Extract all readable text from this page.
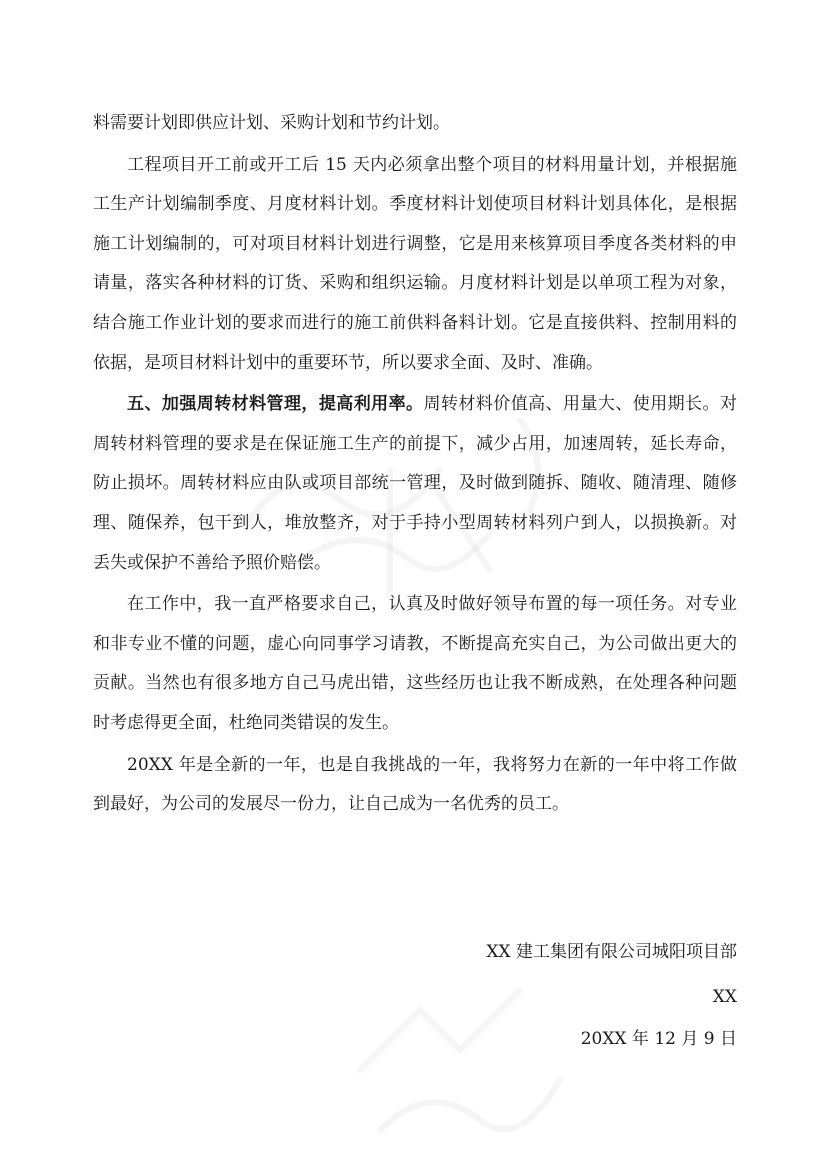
料需要计划即供应计划、采购计划和节约计划。

工程项目开工前或开工后 15 天内必须拿出整个项目的材料用量计划，并根据施工生产计划编制季度、月度材料计划。季度材料计划使项目材料计划具体化，是根据施工计划编制的，可对项目材料计划进行调整，它是用来核算项目季度各类材料的申请量，落实各种材料的订货、采购和组织运输。月度材料计划是以单项工程为对象，结合施工作业计划的要求而进行的施工前供料备料计划。它是直接供料、控制用料的依据，是项目材料计划中的重要环节，所以要求全面、及时、准确。

五、加强周转材料管理，提高利用率。周转材料价值高、用量大、使用期长。对周转材料管理的要求是在保证施工生产的前提下，减少占用，加速周转，延长寿命，防止损坏。周转材料应由队或项目部统一管理，及时做到随拆、随收、随清理、随修理、随保养，包干到人，堆放整齐，对于手持小型周转材料列户到人，以损换新。对丢失或保护不善给予照价赔偿。

在工作中，我一直严格要求自己，认真及时做好领导布置的每一项任务。对专业和非专业不懂的问题，虚心向同事学习请教，不断提高充实自己，为公司做出更大的贡献。当然也有很多地方自己马虎出错，这些经历也让我不断成熟，在处理各种问题时考虑得更全面，杜绝同类错误的发生。

20XX 年是全新的一年，也是自我挑战的一年，我将努力在新的一年中将工作做到最好，为公司的发展尽一份力，让自己成为一名优秀的员工。

XX 建工集团有限公司城阳项目部
XX
20XX 年 12 月 9 日
